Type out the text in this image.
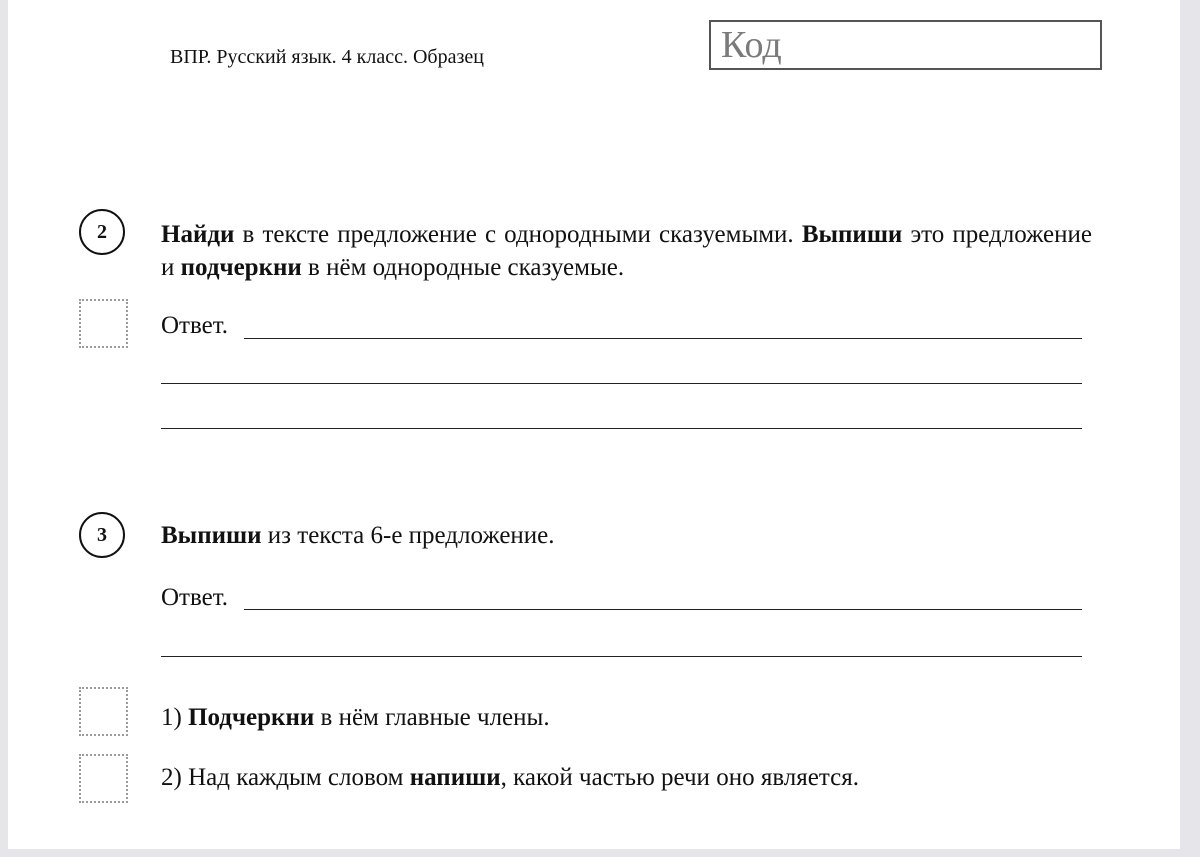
ВПР. Русский язык. 4 класс. Образец	Код
2	Найди в тексте предложение с однородными сказуемыми. Выпиши это предложение и подчеркни в нём однородные сказуемые.
Ответ.
3	Выпиши из текста 6-е предложение.
Ответ.
1) Подчеркни в нём главные члены.
2) Над каждым словом напиши, какой частью речи оно является.
